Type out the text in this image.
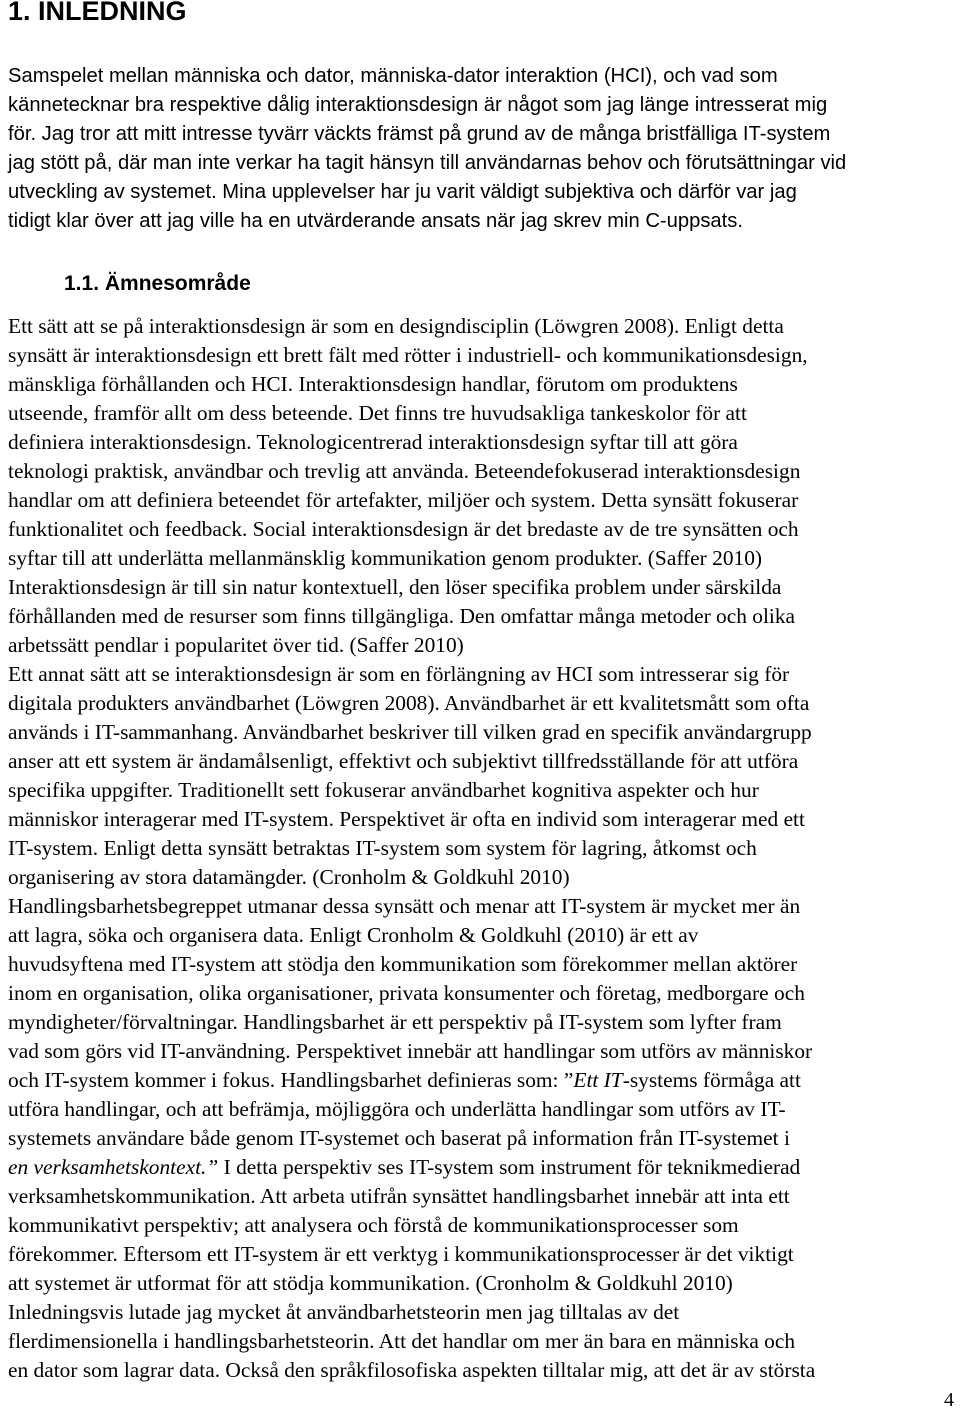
1. INLEDNING
Samspelet mellan människa och dator, människa-dator interaktion (HCI), och vad som
kännetecknar bra respektive dålig interaktionsdesign är något som jag länge intresserat mig
för. Jag tror att mitt intresse tyvärr väckts främst på grund av de många bristfälliga IT-system
jag stött på, där man inte verkar ha tagit hänsyn till användarnas behov och förutsättningar vid
utveckling av systemet. Mina upplevelser har ju varit väldigt subjektiva och därför var jag
tidigt klar över att jag ville ha en utvärderande ansats när jag skrev min C-uppsats.
1.1. Ämnesområde
Ett sätt att se på interaktionsdesign är som en designdisciplin (Löwgren 2008). Enligt detta
synsätt är interaktionsdesign ett brett fält med rötter i industriell- och kommunikationsdesign,
mänskliga förhållanden och HCI. Interaktionsdesign handlar, förutom om produktens
utseende, framför allt om dess beteende. Det finns tre huvudsakliga tankeskolor för att
definiera interaktionsdesign. Teknologicentrerad interaktionsdesign syftar till att göra
teknologi praktisk, användbar och trevlig att använda. Beteendefokuserad interaktionsdesign
handlar om att definiera beteendet för artefakter, miljöer och system. Detta synsätt fokuserar
funktionalitet och feedback. Social interaktionsdesign är det bredaste av de tre synsätten och
syftar till att underlätta mellanmänsklig kommunikation genom produkter. (Saffer 2010)
Interaktionsdesign är till sin natur kontextuell, den löser specifika problem under särskilda
förhållanden med de resurser som finns tillgängliga. Den omfattar många metoder och olika
arbetssätt pendlar i popularitet över tid. (Saffer 2010)
Ett annat sätt att se interaktionsdesign är som en förlängning av HCI som intresserar sig för
digitala produkters användbarhet (Löwgren 2008). Användbarhet är ett kvalitetsmått som ofta
används i IT-sammanhang. Användbarhet beskriver till vilken grad en specifik användargrupp
anser att ett system är ändamålsenligt, effektivt och subjektivt tillfredsställande för att utföra
specifika uppgifter. Traditionellt sett fokuserar användbarhet kognitiva aspekter och hur
människor interagerar med IT-system. Perspektivet är ofta en individ som interagerar med ett
IT-system. Enligt detta synsätt betraktas IT-system som system för lagring, åtkomst och
organisering av stora datamängder. (Cronholm & Goldkuhl 2010)
Handlingsbarhetsbegreppet utmanar dessa synsätt och menar att IT-system är mycket mer än
att lagra, söka och organisera data. Enligt Cronholm & Goldkuhl (2010) är ett av
huvudsyftena med IT-system att stödja den kommunikation som förekommer mellan aktörer
inom en organisation, olika organisationer, privata konsumenter och företag, medborgare och
myndigheter/förvaltningar. Handlingsbarhet är ett perspektiv på IT-system som lyfter fram
vad som görs vid IT-användning. Perspektivet innebär att handlingar som utförs av människor
och IT-system kommer i fokus. Handlingsbarhet definieras som: ”Ett IT-systems förmåga att
utföra handlingar, och att befrämja, möjliggöra och underlätta handlingar som utförs av IT-
systemets användare både genom IT-systemet och baserat på information från IT-systemet i
en verksamhetskontext.” I detta perspektiv ses IT-system som instrument för teknikmedierad
verksamhetskommunikation. Att arbeta utifrån synsättet handlingsbarhet innebär att inta ett
kommunikativt perspektiv; att analysera och förstå de kommunikationsprocesser som
förekommer. Eftersom ett IT-system är ett verktyg i kommunikationsprocesser är det viktigt
att systemet är utformat för att stödja kommunikation. (Cronholm & Goldkuhl 2010)
Inledningsvis lutade jag mycket åt användbarhetsteorin men jag tilltalas av det
flerdimensionella i handlingsbarhetsteorin. Att det handlar om mer än bara en människa och
en dator som lagrar data. Också den språkfilosofiska aspekten tilltalar mig, att det är av största
4
